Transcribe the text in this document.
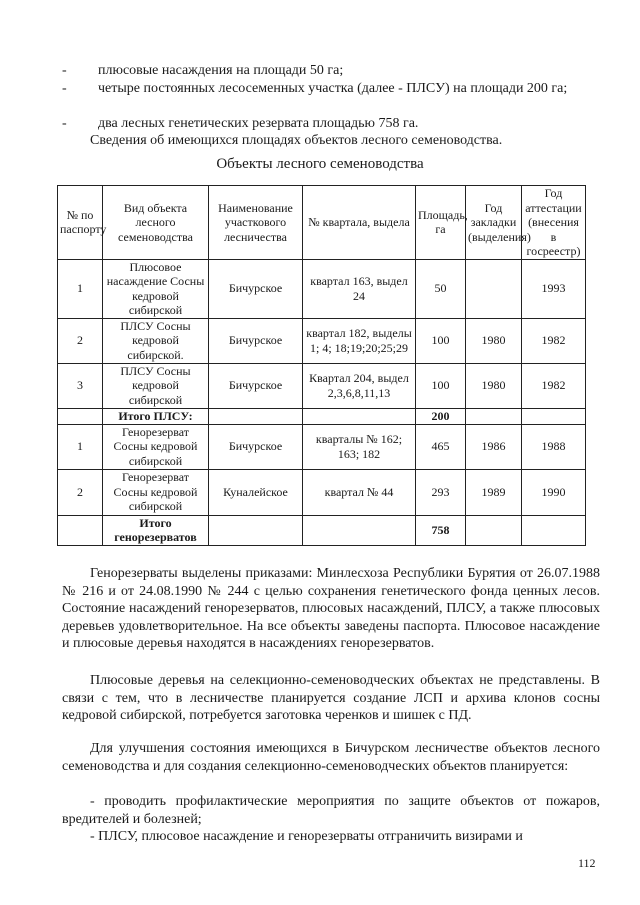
- плюсовые насаждения на площади 50 га;
-	четыре постоянных лесосеменных участка (далее - ПЛСУ) на площади 200 га;
- два лесных генетических резервата площадью 758 га.
Сведения об имеющихся площадях объектов лесного семеноводства.
Объекты лесного семеноводства
№ по паспорту	Вид объекта лесного семеноводства	Наименование участкового лесничества	№ квартала, выдела	Площадь, га	Год закладки (выделения)	Год аттестации (внесения в госреестр)
1	Плюсовое насаждение Сосны кедровой сибирской	Бичурское	квартал 163, выдел 24	50		1993
2	ПЛСУ Сосны кедровой сибирской.	Бичурское	квартал 182, выделы 1; 4; 18;19;20;25;29	100	1980	1982
3	ПЛСУ Сосны кедровой сибирской	Бичурское	Квартал 204, выдел 2,3,6,8,11,13	100	1980	1982
	Итого ПЛСУ:			200		
1	Генорезерват Сосны кедровой сибирской	Бичурское	кварталы № 162; 163; 182	465	1986	1988
2	Генорезерват Сосны кедровой сибирской	Куналейское	квартал № 44	293	1989	1990
	Итого генорезерватов			758		
Генорезерваты выделены приказами: Минлесхоза Республики Бурятия от 26.07.1988 № 216 и от 24.08.1990 № 244 с целью сохранения генетического фонда ценных лесов. Состояние насаждений генорезерватов, плюсовых насаждений, ПЛСУ, а также плюсовых деревьев удовлетворительное. На все объекты заведены паспорта. Плюсовое насаждение и плюсовые деревья находятся в насаждениях генорезерватов.
Плюсовые деревья на селекционно-семеноводческих объектах не представлены. В связи с тем, что в лесничестве планируется создание ЛСП и архива клонов сосны кедровой сибирской, потребуется заготовка черенков и шишек с ПД.
Для улучшения состояния имеющихся в Бичурском лесничестве объектов лесного семеноводства и для создания селекционно-семеноводческих объектов планируется:
- проводить профилактические мероприятия по защите объектов от пожаров, вредителей и болезней;
- ПЛСУ, плюсовое насаждение и генорезерваты отграничить визирами и
112
